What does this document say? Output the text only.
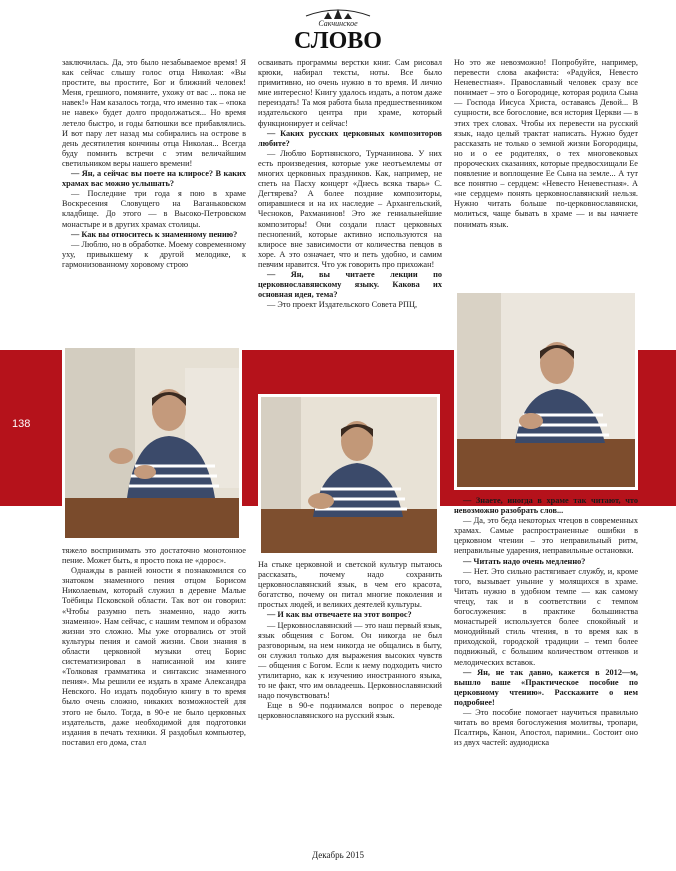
Сакчинское
СЛОВО

заключилась. Да, это было незабываемое время! Я как сейчас слышу голос отца Николая: «Вы простите, вы простите, Бог и ближний человек! Меня, грешного, помяните, ухожу от вас ... пока не навек!» Нам казалось тогда, что именно так – «пока не навек» будет долго продолжаться... Но время летело быстро, и годы батюшки все прибавлялись. И вот пару лет назад мы собирались на острове в день десятилетия кончины отца Николая... Всегда буду помнить встречи с этим величайшим светильником веры нашего времени!

— Ян, а сейчас вы поете на клиросе? В каких храмах вас можно услышать?

— Последние три года я пою в храме Воскресения Словущего на Ваганьковском кладбище. До этого — в Высоко-Петровском монастыре и в других храмах столицы.

— Как вы относитесь к знаменному пению?

— Люблю, но в обработке. Моему современному уху, привыкшему к другой мелодике, к гармонизованному хоровому строю

осваивать программы верстки книг. Сам рисовал крюки, набирал тексты, ноты. Все было примитивно, но очень нужно в то время. И лично мне интересно! Книгу удалось издать, а потом даже переиздать! Та моя работа была предшественником издательского центра при храме, который функционирует и сейчас!

— Каких русских церковных композиторов любите?

— Люблю Бортнянского, Турчанинова. У них есть произведения, которые уже неотъемлемы от многих церковных праздников. Как, например, не спеть на Пасху концерт «Днесь всяка тварь» С. Дегтярева? А более поздние композиторы, опиравшиеся и на их наследие – Архангельский, Чесноков, Рахманинов! Это же гениальнейшие композиторы! Они создали пласт церковных песнопений, которые активно используются на клиросе вне зависимости от количества певцов в хоре. А это означает, что и петь удобно, и самим певчим нравится. Что уж говорить про прихожан!

— Ян, вы читаете лекции по церковнославянскому языку. Какова их основная идея, тема?

— Это проект Издательского Совета РПЦ,

Но это же невозможно! Попробуйте, например, перевести слова акафиста: «Радуйся, Невесто Неневестная». Православный человек сразу все понимает – это о Богородице, которая родила Сына — Господа Иисуса Христа, оставаясь Девой... В сущности, все богословие, вся история Церкви — в этих трех словах. Чтобы их перевести на русский язык, надо целый трактат написать. Нужно будет рассказать не только о земной жизни Богородицы, но и о ее родителях, о тех многовековых пророческих сказаниях, которые предвосхищали Ее появление и воплощение Ее Сына на земле... А тут все понятно – сердцем: «Невесто Неневестная». А «не сердцем» понять церковнославянский нельзя. Нужно читать больше по-церковнославянски, молиться, чаще бывать в храме — и вы начнете понимать язык.

138

тяжело воспринимать это достаточно монотонное пение. Может быть, я просто пока не «дорос».

Однажды в ранней юности я познакомился со знатоком знаменного пения отцом Борисом Николаевым, который служил в деревне Малые Тоёбицы Псковской области. Так вот он говорил: «Чтобы разумно петь знаменно, надо жить знаменно». Нам сейчас, с нашим темпом и образом жизни это сложно. Мы уже оторвались от этой культуры пения и самой жизни. Свои знания в области церковной музыки отец Борис систематизировал в написанной им книге «Толковая грамматика и синтаксис знаменного пения». Мы решили ее издать в храме Александра Невского. Но издать подобную книгу в то время было очень сложно, никаких возможностей для этого не было. Тогда, в 90-е не было церковных издательств, даже необходимой для подготовки издания в печать техники. Я раздобыл компьютер, поставил его дома, стал

На стыке церковной и светской культур пытаюсь рассказать, почему надо сохранить церковнославянский язык, в чем его красота, богатство, почему он питал многие поколения и простых людей, и великих деятелей культуры.

— И как вы отвечаете на этот вопрос?

— Церковнославянский — это наш первый язык, язык общения с Богом. Он никогда не был разговорным, на нем никогда не общались в быту, он служил только для выражения высоких чувств — общения с Богом. Если к нему подходить чисто утилитарно, как к изучению иностранного языка, то не факт, что им овладеешь. Церковнославянский надо почувствовать!

Еще в 90-е поднимался вопрос о переводе церковнославянского на русский язык.

— Знаете, иногда в храме так читают, что невозможно разобрать слов...

— Да, это беда некоторых чтецов в современных храмах. Самые распространенные ошибки в церковном чтении – это неправильный ритм, неправильные ударения, неправильные остановки.

— Читать надо очень медленно?

— Нет. Это сильно растягивает службу, и, кроме того, вызывает уныние у молящихся в храме. Читать нужно в удобном темпе — как самому чтецу, так и в соответствии с темпом богослужения: в практике большинства монастырей используется более спокойный и монодийный стиль чтения, в то время как в приходской, городской традиции – темп более подвижный, с большим количеством оттенков и мелодических вставок.

— Ян, не так давно, кажется в 2012—м, вышло ваше «Практическое пособие по церковному чтению». Расскажите о нем подробнее!

— Это пособие помогает научиться правильно читать во время богослужения молитвы, тропари, Псалтирь, Канон, Апостол, паримии.. Состоит оно из двух частей: аудиодиска

Декабрь 2015
